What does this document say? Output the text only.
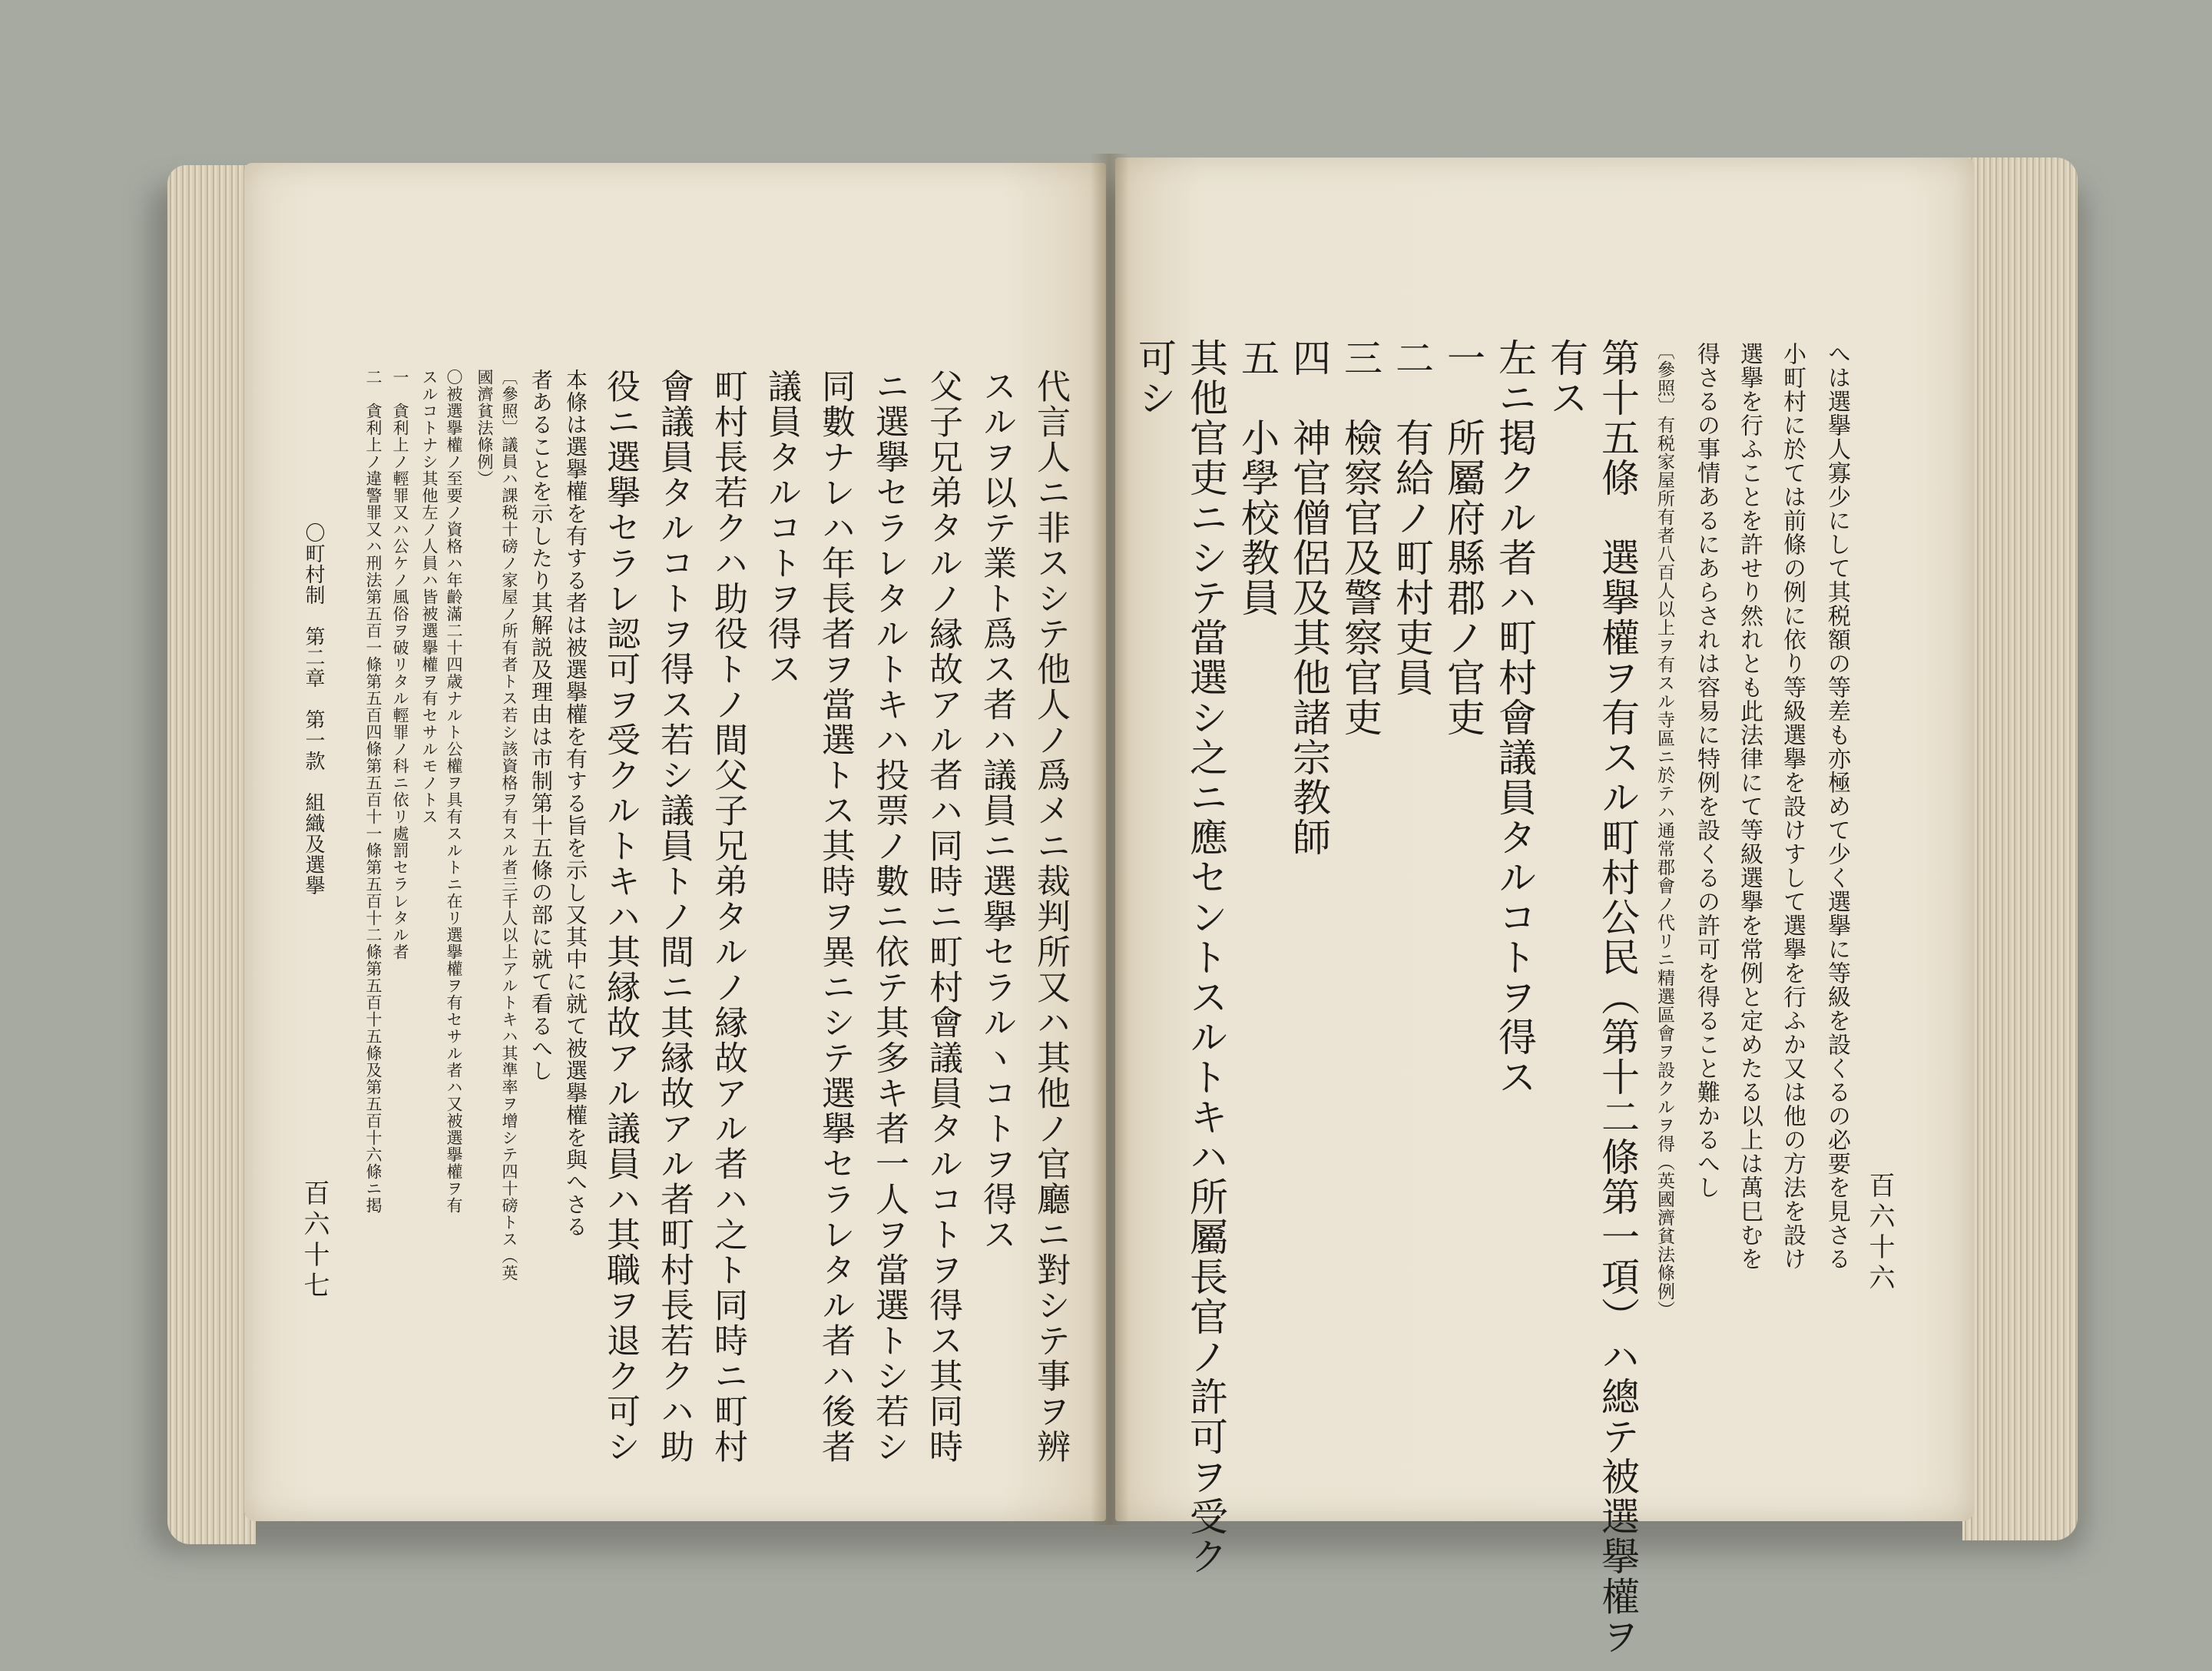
百六十六
へは選擧人寡少にして其税額の等差も亦極めて少く選擧に等級を設くるの必要を見さる
小町村に於ては前條の例に依り等級選擧を設けすして選擧を行ふか又は他の方法を設け
選擧を行ふことを許せり然れとも此法律にて等級選擧を常例と定めたる以上は萬巳むを
得さるの事情あるにあらされは容易に特例を設くるの許可を得ること難かるへし
〔參照〕有税家屋所有者八百人以上ヲ有スル寺區ニ於テハ通常郡會ノ代リニ精選區會ヲ設クルヲ得（英國濟貧法條例）
第十五條　選擧權ヲ有スル町村公民（第十二條第一項）ハ總テ被選擧權ヲ
有ス
左ニ掲クル者ハ町村會議員タルコトヲ得ス
一　所屬府縣郡ノ官吏
二　有給ノ町村吏員
三　檢察官及警察官吏
四　神官僧侶及其他諸宗教師
五　小學校教員
其他官吏ニシテ當選シ之ニ應セントスルトキハ所屬長官ノ許可ヲ受ク
代言人ニ非スシテ他人ノ爲メニ裁判所又ハ其他ノ官廳ニ對シテ事ヲ辨
スルヲ以テ業ト爲ス者ハ議員ニ選擧セラルヽコトヲ得ス
父子兄弟タルノ縁故アル者ハ同時ニ町村會議員タルコトヲ得ス其同時
ニ選擧セラレタルトキハ投票ノ數ニ依テ其多キ者一人ヲ當選トシ若シ
同數ナレハ年長者ヲ當選トス其時ヲ異ニシテ選擧セラレタル者ハ後者
議員タルコトヲ得ス
町村長若クハ助役トノ間父子兄弟タルノ縁故アル者ハ之ト同時ニ町村
會議員タルコトヲ得ス若シ議員トノ間ニ其縁故アル者町村長若クハ助
役ニ選擧セラレ認可ヲ受クルトキハ其縁故アル議員ハ其職ヲ退ク可シ
本條は選擧權を有する者は被選擧權を有する旨を示し又其中に就て被選擧權を與へさる
者あることを示したり其解説及理由は市制第十五條の部に就て看るへし
〔參照〕議員ハ課税十磅ノ家屋ノ所有者トス若シ該資格ヲ有スル者三千人以上アルトキハ其準率ヲ增シテ四十磅トス（英
國濟貧法條例）
〇被選擧權ノ至要ノ資格ハ年齡滿二十四歳ナルト公權ヲ具有スルトニ在リ選擧權ヲ有セサル者ハ又被選擧權ヲ有
スルコトナシ其他左ノ人員ハ皆被選擧權ヲ有セサルモノトス
一　貪利上ノ輕罪又ハ公ケノ風俗ヲ破リタル輕罪ノ科ニ依リ處罰セラレタル者
二　貪利上ノ違警罪又ハ刑法第五百一條第五百四條第五百十一條第五百十二條第五百十五條及第五百十六條ニ掲
〇町村制　第二章　第一款　組織及選擧
百六十七
可シ
